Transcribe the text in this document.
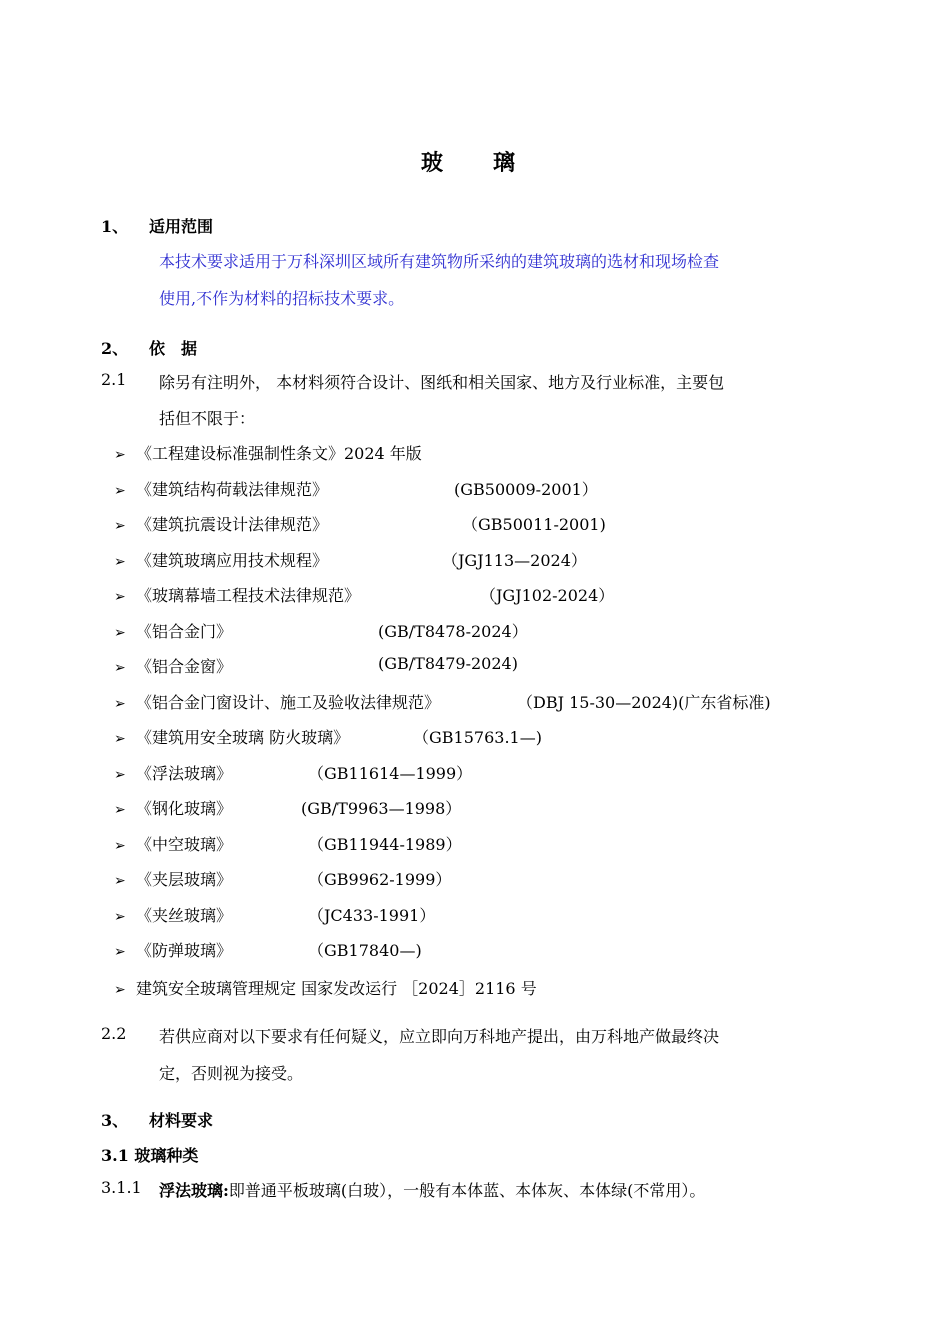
玻　璃
1、 适用范围
本技术要求适用于万科深圳区域所有建筑物所采纳的建筑玻璃的选材和现场检查
使用,不作为材料的招标技术要求。
2、 依　据
2.1 除另有注明外， 本材料须符合设计、图纸和相关国家、地方及行业标准，主要包
括但不限于：
➢ 《工程建设标准强制性条文》2024 年版
➢ 《建筑结构荷载法律规范》	(GB50009-2001）
➢ 《建筑抗震设计法律规范》	（GB50011-2001)
➢ 《建筑玻璃应用技术规程》	（JGJ113—2024）
➢ 《玻璃幕墙工程技术法律规范》	（JGJ102-2024）
➢ 《铝合金门》	(GB/T8478-2024）
➢ 《铝合金窗》	(GB/T8479-2024)
➢ 《铝合金门窗设计、施工及验收法律规范》	（DBJ 15-30—2024)(广东省标准)
➢ 《建筑用安全玻璃 防火玻璃》	（GB15763.1—)
➢ 《浮法玻璃》	（GB11614—1999）
➢ 《钢化玻璃》	(GB/T9963—1998）
➢ 《中空玻璃》	（GB11944-1989）
➢ 《夹层玻璃》	（GB9962-1999）
➢ 《夹丝玻璃》	（JC433-1991）
➢ 《防弹玻璃》	（GB17840—)
➢ 建筑安全玻璃管理规定 国家发改运行 ［2024］2116 号
2.2 若供应商对以下要求有任何疑义，应立即向万科地产提出，由万科地产做最终决
定，否则视为接受。
3、 材料要求
3.1 玻璃种类
3.1.1 浮法玻璃:即普通平板玻璃(白玻），一般有本体蓝、本体灰、本体绿(不常用）。
